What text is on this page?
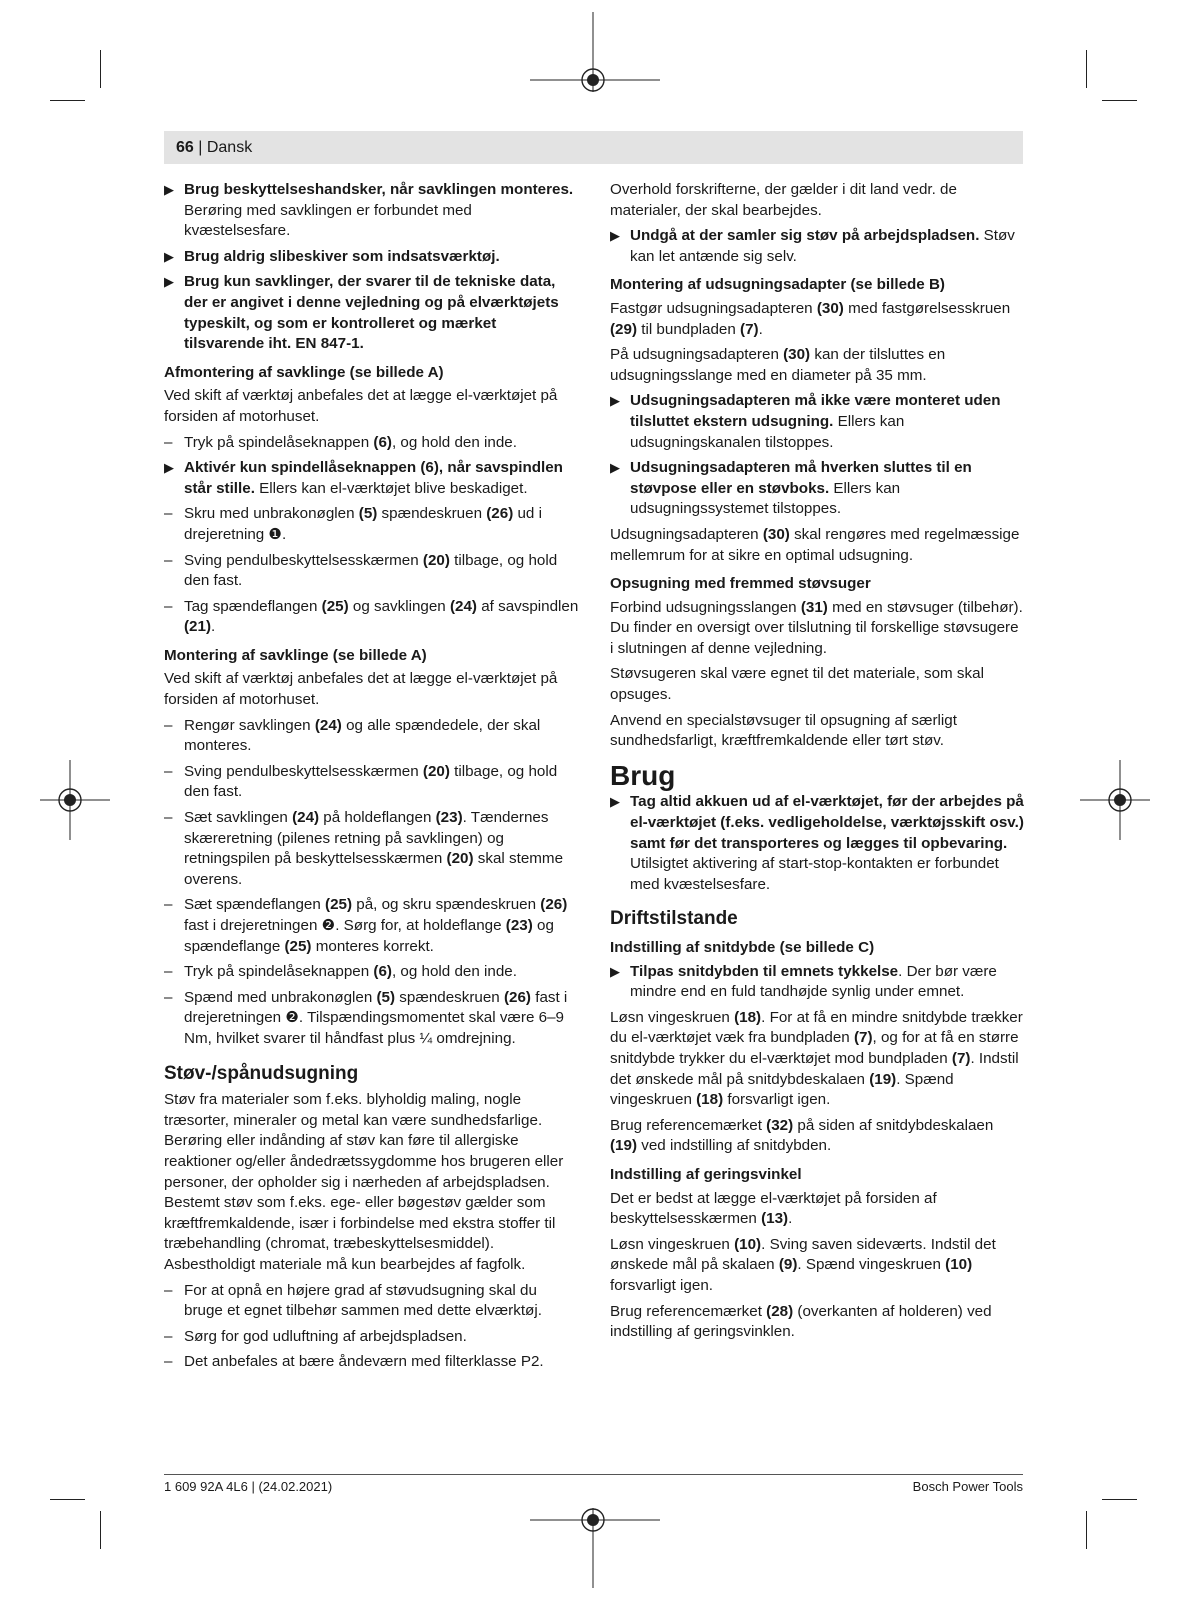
66 | Dansk
▶ Brug beskyttelseshandsker, når savklingen monteres. Berøring med savklingen er forbundet med kvæstelsesfare.
▶ Brug aldrig slibeskiver som indsatsværktøj.
▶ Brug kun savklinger, der svarer til de tekniske data, der er angivet i denne vejledning og på elværktøjets typeskilt, og som er kontrolleret og mærket tilsvarende iht. EN 847-1.
Afmontering af savklinge (se billede A)

Ved skift af værktøj anbefales det at lægge el-værktøjet på forsiden af motorhuset.

– Tryk på spindelåseknappen (6), og hold den inde.
▶ Aktivér kun spindellåseknappen (6), når savspindlen står stille. Ellers kan el-værktøjet blive beskadiget.
– Skru med unbrakonøglen (5) spændeskruen (26) ud i drejeretning ❶.
– Sving pendulbeskyttelsesskærmen (20) tilbage, og hold den fast.
– Tag spændeflangen (25) og savklingen (24) af savspindlen (21).
Montering af savklinge (se billede A)

Ved skift af værktøj anbefales det at lægge el-værktøjet på forsiden af motorhuset.

– Rengør savklingen (24) og alle spændedele, der skal monteres.
– Sving pendulbeskyttelsesskærmen (20) tilbage, og hold den fast.
– Sæt savklingen (24) på holdeflangen (23). Tændernes skæreretning (pilenes retning på savklingen) og retningspilen på beskyttelsesskærmen (20) skal stemme overens.
– Sæt spændeflangen (25) på, og skru spændeskruen (26) fast i drejeretningen ❷. Sørg for, at holdeflange (23) og spændeflange (25) monteres korrekt.
– Tryk på spindelåseknappen (6), og hold den inde.
– Spænd med unbrakonøglen (5) spændeskruen (26) fast i drejeretningen ❷. Tilspændingsmomentet skal være 6–9 Nm, hvilket svarer til håndfast plus ¼ omdrejning.
Støv-/spånudsugning

Støv fra materialer som f.eks. blyholdig maling, nogle træsorter, mineraler og metal kan være sundhedsfarlige. Berøring eller indånding af støv kan føre til allergiske reaktioner og/eller åndedrætssygdomme hos brugeren eller personer, der opholder sig i nærheden af arbejdspladsen.

Bestemt støv som f.eks. ege- eller bøgestøv gælder som kræftfremkaldende, især i forbindelse med ekstra stoffer til træbehandling (chromat, træbeskyttelsesmiddel). Asbestholdigt materiale må kun bearbejdes af fagfolk.

– For at opnå en højere grad af støvudsugning skal du bruge et egnet tilbehør sammen med dette elværktøj.
– Sørg for god udluftning af arbejdspladsen.
– Det anbefales at bære åndeværn med filterklasse P2.

Overhold forskrifterne, der gælder i dit land vedr. de materialer, der skal bearbejdes.

▶ Undgå at der samler sig støv på arbejdspladsen. Støv kan let antænde sig selv.
Montering af udsugningsadapter (se billede B)

Fastgør udsugningsadapteren (30) med fastgørelsesskruen (29) til bundpladen (7).

På udsugningsadapteren (30) kan der tilsluttes en udsugningsslange med en diameter på 35 mm.

▶ Udsugningsadapteren må ikke være monteret uden tilsluttet ekstern udsugning. Ellers kan udsugningskanalen tilstoppes.
▶ Udsugningsadapteren må hverken sluttes til en støvpose eller en støvboks. Ellers kan udsugningssystemet tilstoppes.

Udsugningsadapteren (30) skal rengøres med regelmæssige mellemrum for at sikre en optimal udsugning.

Opsugning med fremmed støvsuger

Forbind udsugningsslangen (31) med en støvsuger (tilbehør). Du finder en oversigt over tilslutning til forskellige støvsugere i slutningen af denne vejledning.

Støvsugeren skal være egnet til det materiale, som skal opsuges.

Anvend en specialstøvsuger til opsugning af særligt sundhedsfarligt, kræftfremkaldende eller tørt støv.

Brug
▶ Tag altid akkuen ud af el-værktøjet, før der arbejdes på el-værktøjet (f.eks. vedligeholdelse, værktøjsskift osv.) samt før det transporteres og lægges til opbevaring. Utilsigtet aktivering af start-stop-kontakten er forbundet med kvæstelsesfare.
Driftstilstande
Indstilling af snitdybde (se billede C)
▶ Tilpas snitdybden til emnets tykkelse. Der bør være mindre end en fuld tandhøjde synlig under emnet.

Løsn vingeskruen (18). For at få en mindre snitdybde trækker du el-værktøjet væk fra bundpladen (7), og for at få en større snitdybde trykker du el-værktøjet mod bundpladen (7). Indstil det ønskede mål på snitdybdeskalaen (19). Spænd vingeskruen (18) forsvarligt igen.

Brug referencemærket (32) på siden af snitdybdeskalaen (19) ved indstilling af snitdybden.

Indstilling af geringsvinkel

Det er bedst at lægge el-værktøjet på forsiden af beskyttelsesskærmen (13).

Løsn vingeskruen (10). Sving saven sideværts. Indstil det ønskede mål på skalaen (9). Spænd vingeskruen (10) forsvarligt igen.

Brug referencemærket (28) (overkanten af holderen) ved indstilling af geringsvinklen.

1 609 92A 4L6 | (24.02.2021)	Bosch Power Tools
